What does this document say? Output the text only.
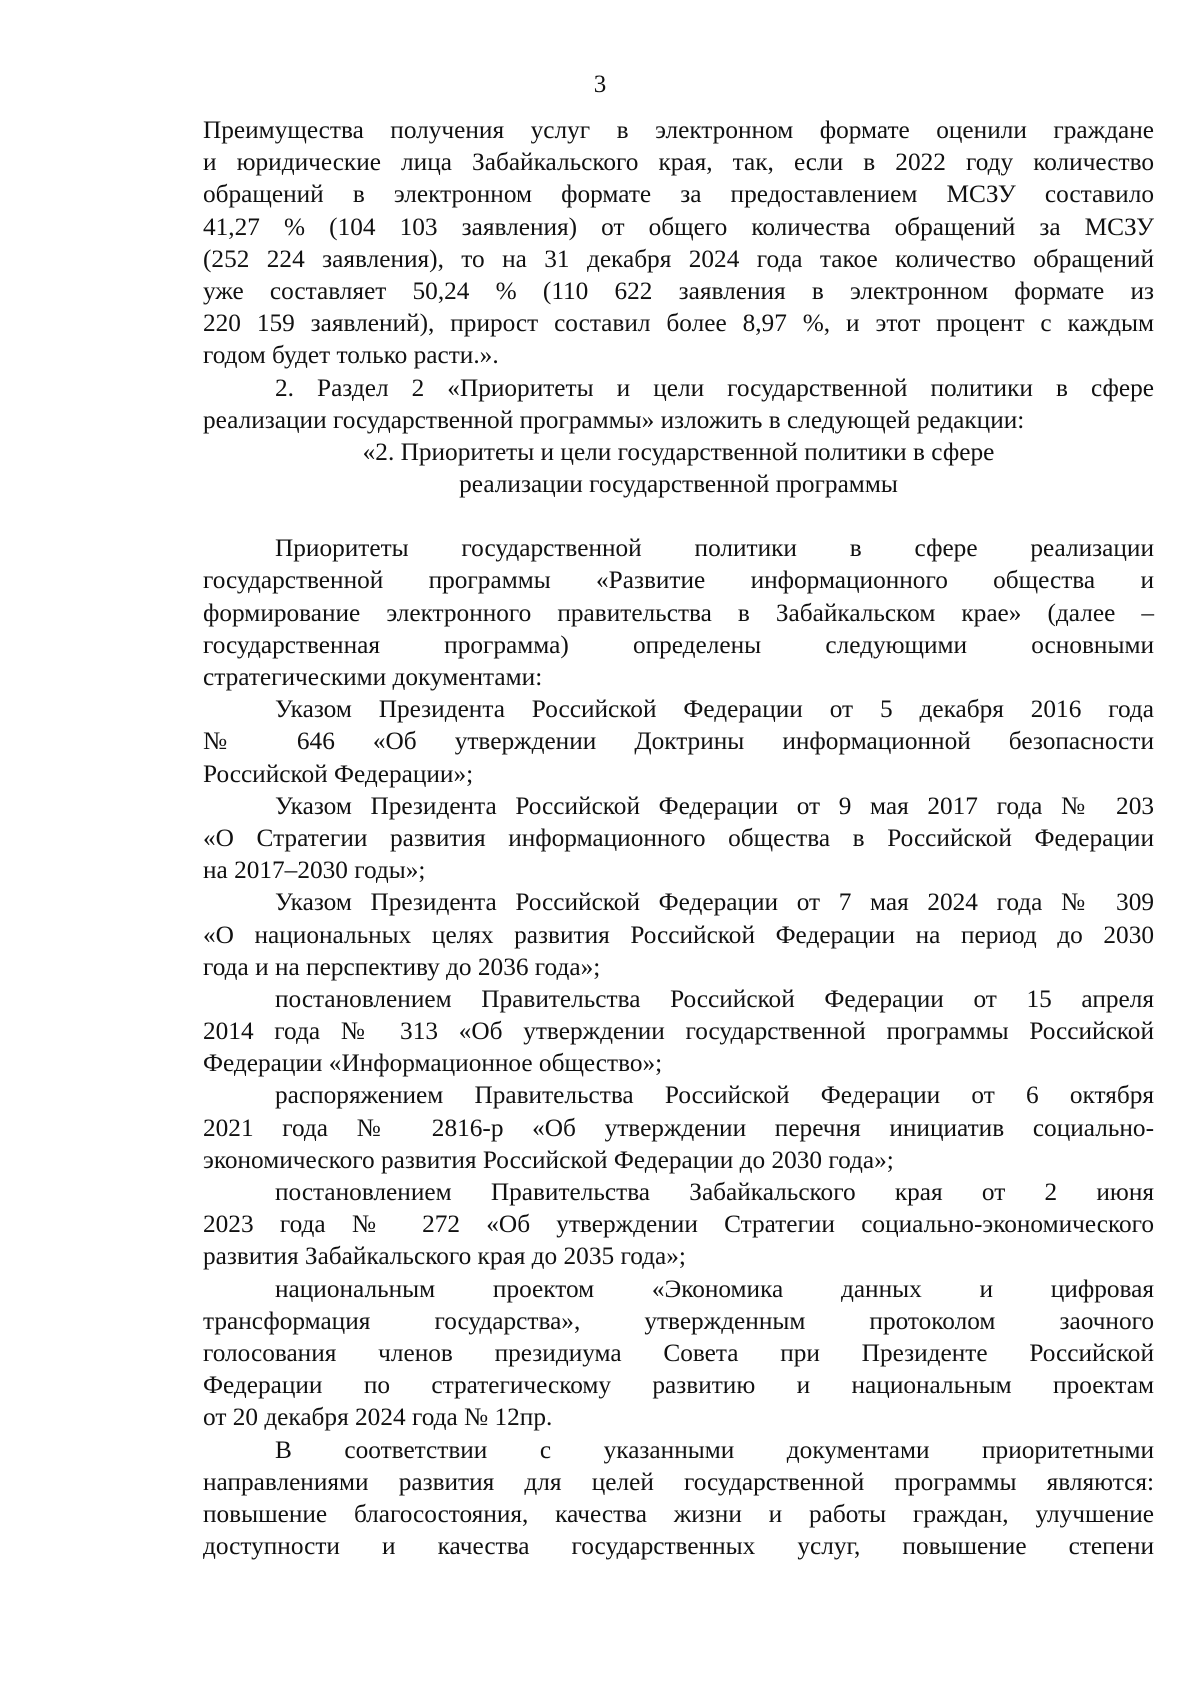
3
Преимущества получения услуг в электронном формате оценили граждане
и юридические лица Забайкальского края, так, если в 2022 году количество
обращений в электронном формате за предоставлением МСЗУ составило
41,27 % (104 103 заявления) от общего количества обращений за МСЗУ
(252 224 заявления), то на 31 декабря 2024 года такое количество обращений
уже составляет 50,24 % (110 622 заявления в электронном формате из
220 159 заявлений), прирост составил более 8,97 %, и этот процент с каждым
годом будет только расти.».
2. Раздел 2 «Приоритеты и цели государственной политики в сфере
реализации государственной программы» изложить в следующей редакции:
«2. Приоритеты и цели государственной политики в сфере
реализации государственной программы
Приоритеты государственной политики в сфере реализации
государственной программы «Развитие информационного общества и
формирование электронного правительства в Забайкальском крае» (далее –
государственная программа) определены следующими основными
стратегическими документами:
Указом Президента Российской Федерации от 5 декабря 2016 года
№ 646 «Об утверждении Доктрины информационной безопасности
Российской Федерации»;
Указом Президента Российской Федерации от 9 мая 2017 года № 203
«О Стратегии развития информационного общества в Российской Федерации
на 2017–2030 годы»;
Указом Президента Российской Федерации от 7 мая 2024 года № 309
«О национальных целях развития Российской Федерации на период до 2030
года и на перспективу до 2036 года»;
постановлением Правительства Российской Федерации от 15 апреля
2014 года № 313 «Об утверждении государственной программы Российской
Федерации «Информационное общество»;
распоряжением Правительства Российской Федерации от 6 октября
2021 года № 2816-р «Об утверждении перечня инициатив социально-
экономического развития Российской Федерации до 2030 года»;
постановлением Правительства Забайкальского края от 2 июня
2023 года № 272 «Об утверждении Стратегии социально-экономического
развития Забайкальского края до 2035 года»;
национальным проектом «Экономика данных и цифровая
трансформация государства», утвержденным протоколом заочного
голосования членов президиума Совета при Президенте Российской
Федерации по стратегическому развитию и национальным проектам
от 20 декабря 2024 года № 12пр.
В соответствии с указанными документами приоритетными
направлениями развития для целей государственной программы являются:
повышение благосостояния, качества жизни и работы граждан, улучшение
доступности и качества государственных услуг, повышение степени
